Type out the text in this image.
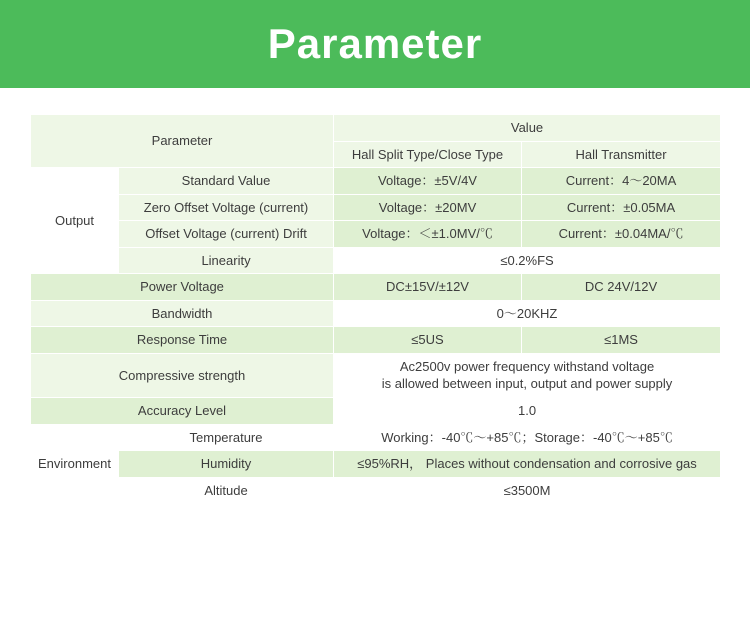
Parameter
Parameter		Value	
		Hall Split Type/Close Type	Hall Transmitter
Output	Standard Value	Voltage：±5V/4V	Current：4～20MA
	Zero Offset Voltage (current)	Voltage：±20MV	Current：±0.05MA
	Offset Voltage (current) Drift	Voltage：＜±1.0MV/℃	Current：±0.04MA/℃
	Linearity	≤0.2%FS	
Power Voltage		DC±15V/±12V	DC 24V/12V
Bandwidth		0～20KHZ	
Response Time		≤5US	≤1MS
Compressive strength		Ac2500v power frequency withstand voltage
is allowed between input, output and power supply	

Accuracy Level		1.0	
Environment	Temperature	Working：-40℃～+85℃；Storage：-40℃～+85℃	
	Humidity	≤95%RH， Places without condensation and corrosive gas	
	Altitude	≤3500M	
